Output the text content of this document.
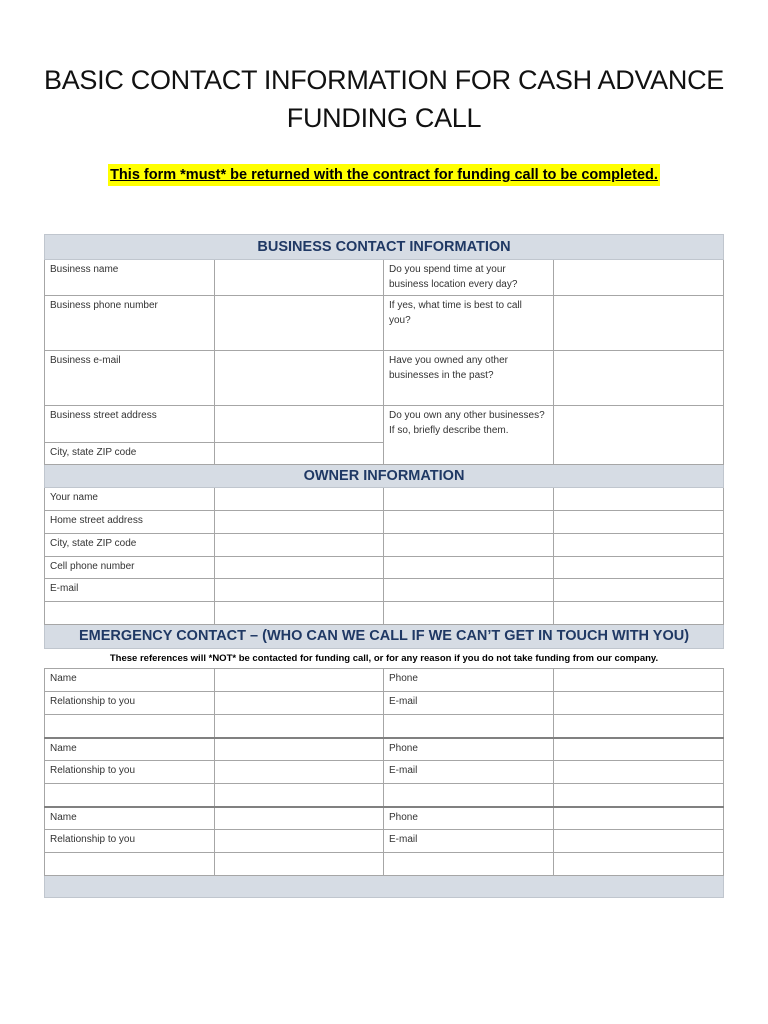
BASIC CONTACT INFORMATION FOR CASH ADVANCE
FUNDING CALL
This form *must* be returned with the contract for funding call to be completed.
BUSINESS CONTACT INFORMATION			
Business name		Do you spend time at your
business location every day?	

Business phone number		If yes, what time is best to call
you?	

Business e-mail		Have you owned any other
businesses in the past?	

Business street address		Do you own any other businesses?
If so, briefly describe them.	

City, state ZIP code			
OWNER INFORMATION			
Your name			
Home street address			
City, state ZIP code			
Cell phone number			
E-mail			

EMERGENCY CONTACT – (WHO CAN WE CALL IF WE CAN’T GET IN TOUCH WITH YOU)			
These references will *NOT* be contacted for funding call, or for any reason if you do not take funding from our company.			
Name		Phone	
Relationship to you		E-mail	

Name		Phone	
Relationship to you		E-mail	

Name		Phone	
Relationship to you		E-mail	
